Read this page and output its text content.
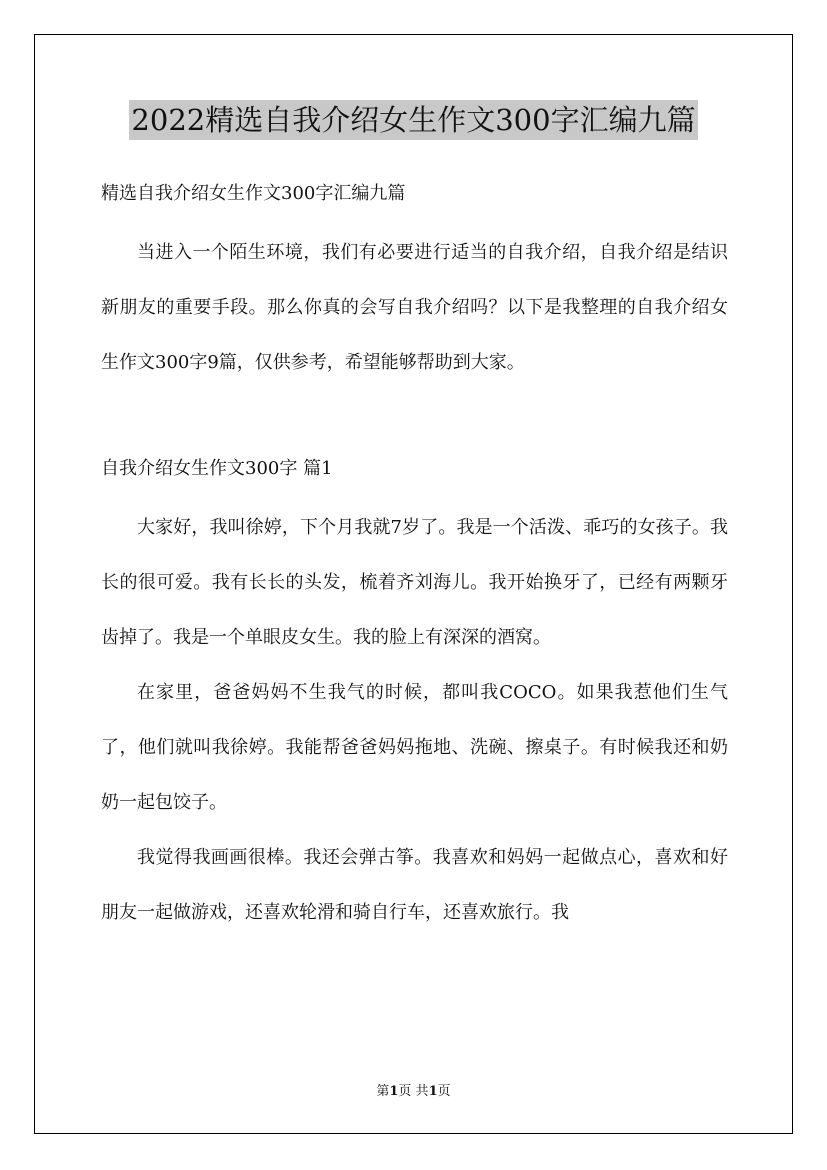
2022精选自我介绍女生作文300字汇编九篇

精选自我介绍女生作文300字汇编九篇

当进入一个陌生环境，我们有必要进行适当的自我介绍，自我介绍是结识新朋友的重要手段。那么你真的会写自我介绍吗？以下是我整理的自我介绍女生作文300字9篇，仅供参考，希望能够帮助到大家。

自我介绍女生作文300字 篇1

大家好，我叫徐婷，下个月我就7岁了。我是一个活泼、乖巧的女孩子。我长的很可爱。我有长长的头发，梳着齐刘海儿。我开始换牙了，已经有两颗牙齿掉了。我是一个单眼皮女生。我的脸上有深深的酒窝。

在家里，爸爸妈妈不生我气的时候，都叫我COCO。如果我惹他们生气了，他们就叫我徐婷。我能帮爸爸妈妈拖地、洗碗、擦桌子。有时候我还和奶奶一起包饺子。

我觉得我画画很棒。我还会弹古筝。我喜欢和妈妈一起做点心，喜欢和好朋友一起做游戏，还喜欢轮滑和骑自行车，还喜欢旅行。我

第1页 共1页
